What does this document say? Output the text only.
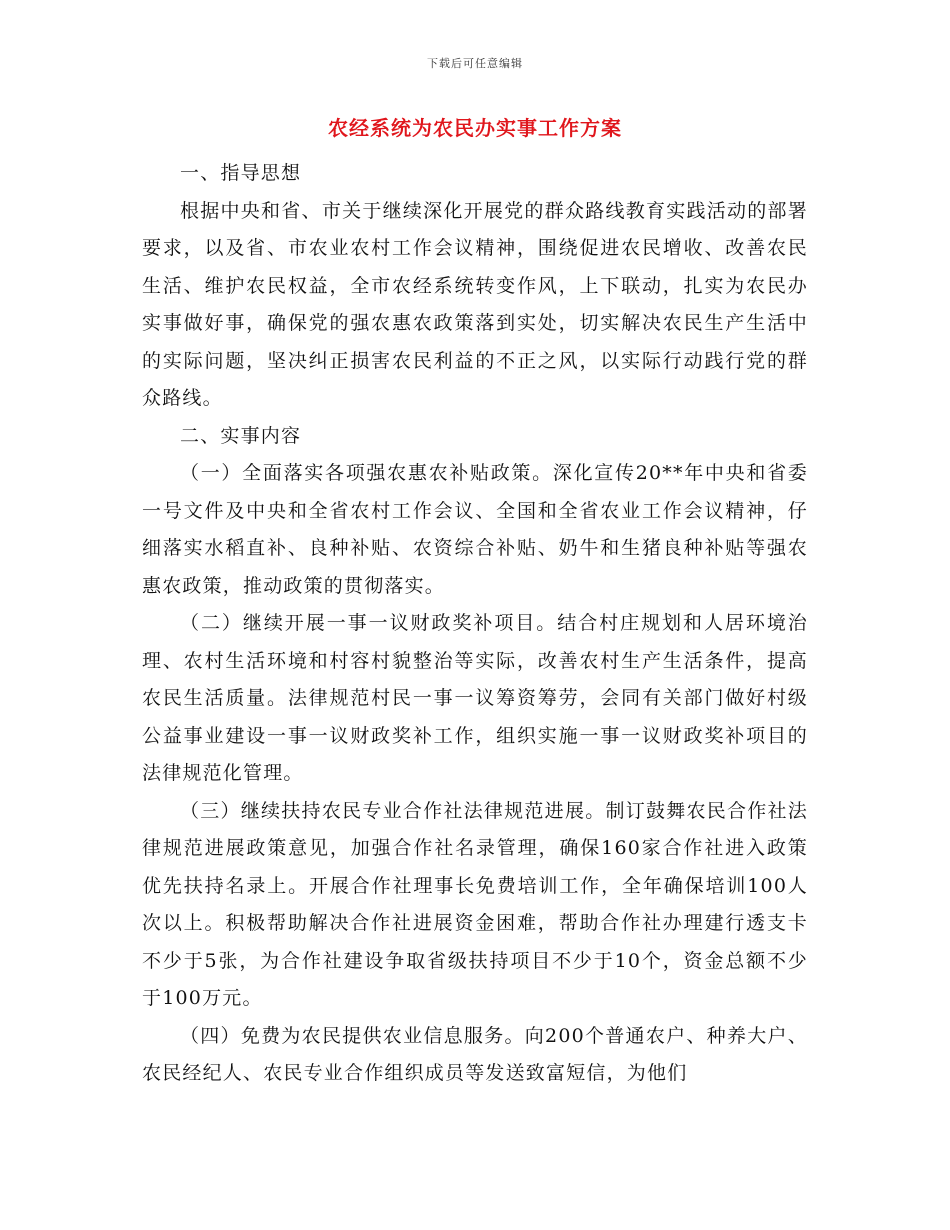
下载后可任意编辑
农经系统为农民办实事工作方案

一、指导思想

根据中央和省、市关于继续深化开展党的群众路线教育实践活动的部署要求，以及省、市农业农村工作会议精神，围绕促进农民增收、改善农民生活、维护农民权益，全市农经系统转变作风，上下联动，扎实为农民办实事做好事，确保党的强农惠农政策落到实处，切实解决农民生产生活中的实际问题，坚决纠正损害农民利益的不正之风，以实际行动践行党的群众路线。

二、实事内容

（一）全面落实各项强农惠农补贴政策。深化宣传20**年中央和省委一号文件及中央和全省农村工作会议、全国和全省农业工作会议精神，仔细落实水稻直补、良种补贴、农资综合补贴、奶牛和生猪良种补贴等强农惠农政策，推动政策的贯彻落实。

（二）继续开展一事一议财政奖补项目。结合村庄规划和人居环境治理、农村生活环境和村容村貌整治等实际，改善农村生产生活条件，提高农民生活质量。法律规范村民一事一议筹资筹劳，会同有关部门做好村级公益事业建设一事一议财政奖补工作，组织实施一事一议财政奖补项目的法律规范化管理。

（三）继续扶持农民专业合作社法律规范进展。制订鼓舞农民合作社法律规范进展政策意见，加强合作社名录管理，确保160家合作社进入政策优先扶持名录上。开展合作社理事长免费培训工作，全年确保培训100人次以上。积极帮助解决合作社进展资金困难，帮助合作社办理建行透支卡不少于5张，为合作社建设争取省级扶持项目不少于10个，资金总额不少于100万元。

（四）免费为农民提供农业信息服务。向200个普通农户、种养大户、农民经纪人、农民专业合作组织成员等发送致富短信，为他们
